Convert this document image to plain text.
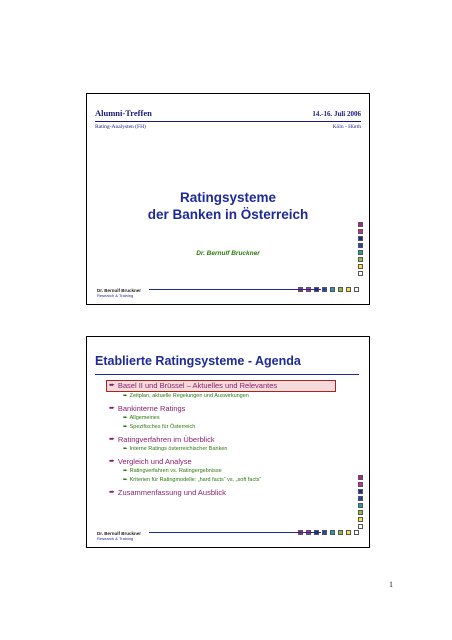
Alumni-Treffen	14.-16. Juli 2006
Rating-Analysten (FH)	Köln - Hürth
Ratingsysteme
der Banken in Österreich
Dr. Bernulf Bruckner
Dr. Bernulf Bruckner
Research & Training
Etablierte Ratingsysteme - Agenda
➨ Basel II und Brüssel – Aktuelles und Relevantes
➨ Zeitplan, aktuelle Regelungen und Auswirkungen
➨ Bankinterne Ratings
➨ Allgemeines
➨ Spezifisches für Österreich
➨ Ratingverfahren im Überblick
➨ Interne Ratings österreichischer Banken
➨ Vergleich und Analyse
➨ Ratingverfahren vs. Ratingergebnisse
➨ Kriterien für Ratingmodelle: „hard facts“ vs. „soft facts“
➨ Zusammenfassung und Ausblick
Dr. Bernulf Bruckner
Research & Training
1
